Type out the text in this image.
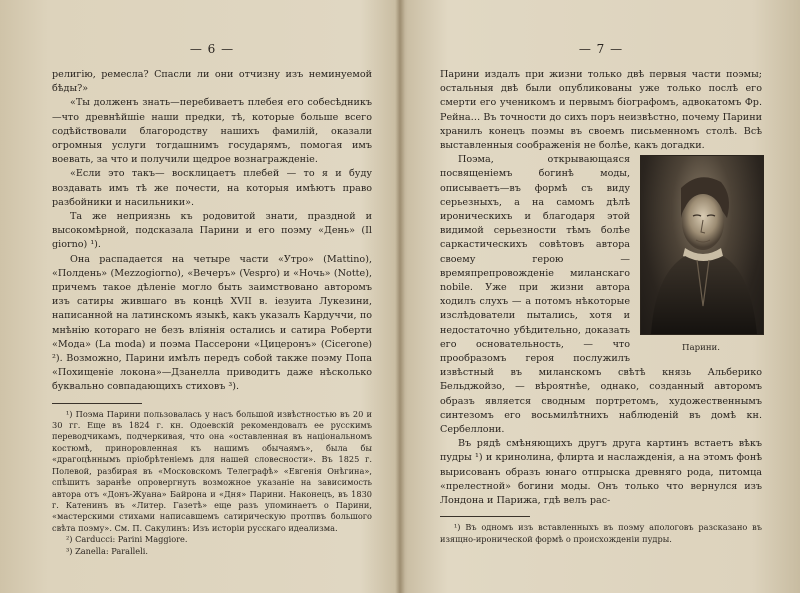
— 6 —

религію, ремесла? Спасли ли они отчизну изъ неминуемой бѣды?»

«Ты долженъ знать—перебиваетъ плебея его собесѣдникъ—что древнѣйшіе наши предки, тѣ, которые больше всего содѣйствовали благородству нашихъ фамилій, оказали огромныя услуги тогдашнимъ государямъ, помогая имъ воевать, за что и получили щедрое вознагражденіе.

«Если это такъ— восклицаетъ плебей — то я и буду воздавать имъ тѣ же почести, на которыя имѣютъ право разбойники и насильники».

Та же неприязнь къ родовитой знати, праздной и высокомѣрной, подсказала Парини и его поэму «День» (Il giorno) ¹).

Она распадается на четыре части «Утро» (Mattino), «Полдень» (Mezzogiorno), «Вечеръ» (Vespro) и «Ночь» (Notte), причемъ такое дѣленіе могло быть заимствовано авторомъ изъ сатиры жившаго въ концѣ XVII в. іезуита Лукезини, написанной на латинскомъ языкѣ, какъ указалъ Кардуччи, по мнѣнію котораго не безъ вліянія остались и сатира Роберти «Мода» (La moda) и поэма Пассерони «Цицеронъ» (Cicerone) ²). Возможно, Парини имѣлъ передъ собой также поэму Попа «Похищеніе локона»—Дзанелла приводитъ даже нѣсколько буквально совпадающихъ стиховъ ³).

¹) Поэма Парини пользовалась у насъ большой извѣстностью въ 20 и 30 гг. Еще въ 1824 г. кн. Одоевскій рекомендовалъ ее русскимъ переводчикамъ, подчеркивая, что она «оставленная въ національномъ костюмѣ, приноровленная къ нашимъ обычаямъ», была бы «драгоцѣннымъ пріобрѣтеніемъ для нашей словесности». Въ 1825 г. Полевой, разбирая въ «Московскомъ Телеграфѣ» «Евгенія Онѣгина», спѣшитъ заранѣе опровергнуть возможное указаніе на зависимость автора отъ «Донъ-Жуана» Байрона и «Дня» Парини. Наконецъ, въ 1830 г. Катенинъ въ «Литер. Газетѣ» еще разъ упоминаетъ о Парини, «мастерскими стихами написавшемъ сатирическую протпвъ большого свѣта поэму». См. П. Сакулинъ: Изъ исторіи русскаго идеализма.

²) Carducci: Parini Maggiore.

³) Zanella: Paralleli.

— 7 —

Парини издалъ при жизни только двѣ первыя части поэмы; остальныя двѣ были опубликованы уже только послѣ его смерти его ученикомъ и первымъ біографомъ, адвокатомъ Фр. Рейна… Въ точности до сихъ поръ неизвѣстно, почему Парини хранилъ конецъ поэмы въ своемъ письменномъ столѣ. Всѣ выставленныя соображенія не болѣе, какъ догадки.

Парини.

Поэма, открывающаяся посвященіемъ богинѣ моды, описываетъ—въ формѣ съ виду серьезныхъ, а на самомъ дѣлѣ ироническихъ и благодаря этой видимой серьезности тѣмъ болѣе саркастическихъ совѣтовъ автора своему герою — времяпрепровожденіе миланскаго nobile. Уже при жизни автора ходилъ слухъ — а потомъ нѣкоторые изслѣдователи пытались, хотя и недостаточно убѣдительно, доказать его основательность, — что прообразомъ героя послужилъ извѣстный въ миланскомъ свѣтѣ князь Альберико Бельджойзо, — вѣроятнѣе, однако, созданный авторомъ образъ является сводным портретомъ, художественнымъ синтезомъ его восьмилѣтнихъ наблюденій въ домѣ кн. Сербеллони.

Въ рядѣ смѣняющихъ другъ друга картинъ встаетъ вѣкъ пудры ¹) и кринолина, флирта и наслажденія, а на этомъ фонѣ вырисованъ образъ юнаго отпрыска древняго рода, питомца «прелестной» богини моды. Онъ только что вернулся изъ Лондона и Парижа, гдѣ велъ рас-

¹) Въ одномъ изъ вставленныхъ въ поэму апологовъ разсказано въ изящно-иронической формѣ о происхожденіи пудры.
